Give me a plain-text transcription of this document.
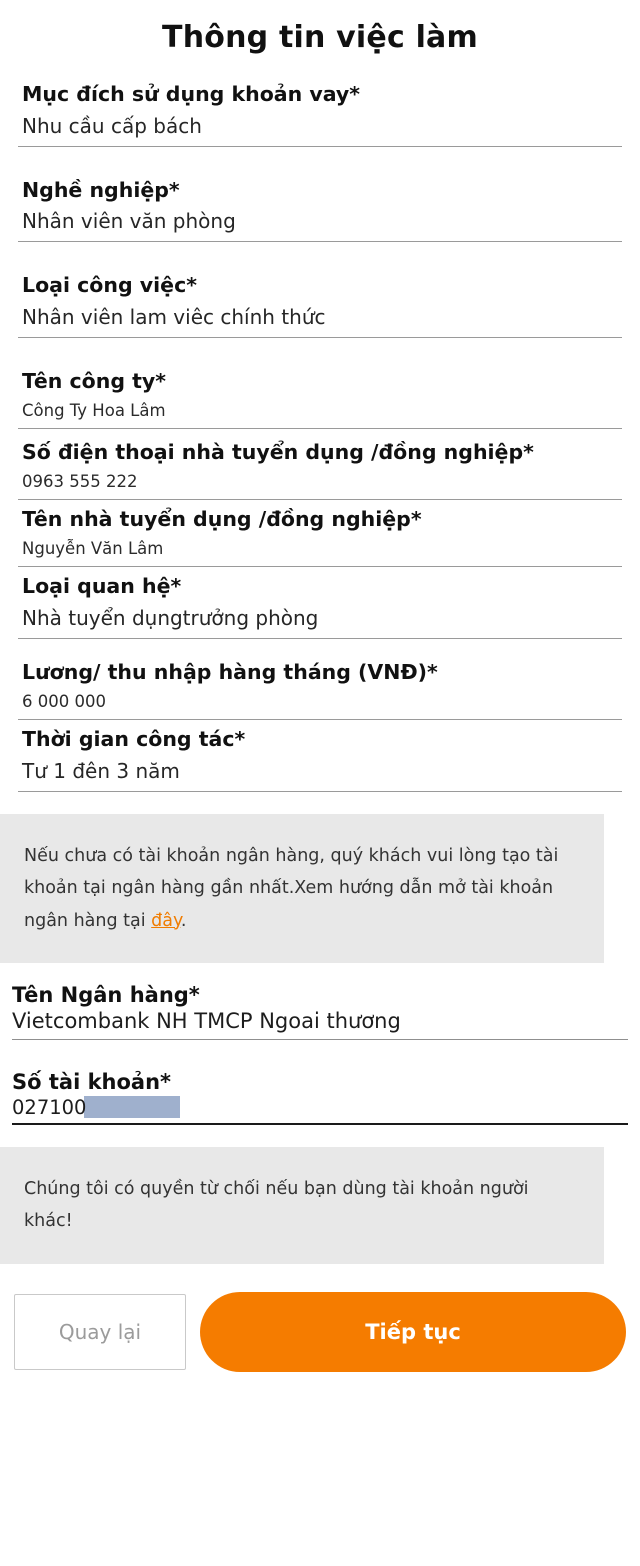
Thông tin việc làm
Mục đích sử dụng khoản vay*
Nhu cầu cấp bách
Nghề nghiệp*
Nhân viên văn phòng
Loại công việc*
Nhân viên lam viêc chính thức
Tên công ty*
Công Ty Hoa Lâm
Số điện thoại nhà tuyển dụng /đồng nghiệp*
0963 555 222
Tên nhà tuyển dụng /đồng nghiệp*
Nguyễn Văn Lâm
Loại quan hệ*
Nhà tuyển dụngtrưởng phòng
Lương/ thu nhập hàng tháng (VNĐ)*
6 000 000
Thời gian công tác*
Tư 1 đên 3 năm

Nếu chưa có tài khoản ngân hàng, quý khách vui lòng tạo tài khoản tại ngân hàng gần nhất.Xem hướng dẫn mở tài khoản ngân hàng tại đây.

Tên Ngân hàng*
Vietcombank NH TMCP Ngoai thương
Số tài khoản*
027100

Chúng tôi có quyền từ chối nếu bạn dùng tài khoản người khác!

Quay lại	Tiếp tục
